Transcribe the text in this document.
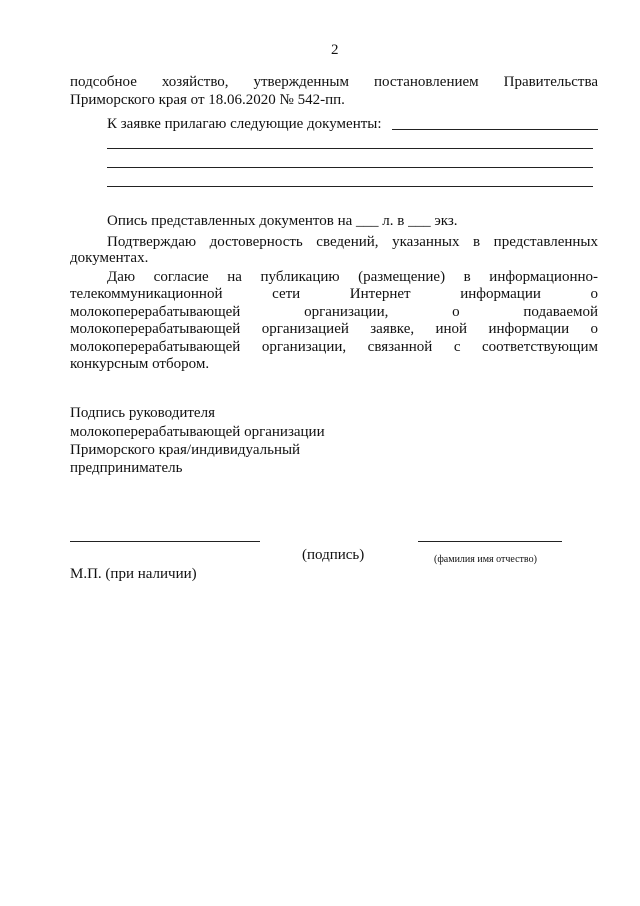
2
подсобное хозяйство, утвержденным постановлением Правительства
Приморского края от 18.06.2020 № 542-пп.
К заявке прилагаю следующие документы:
Опись представленных документов на ___ л. в ___ экз.
Подтверждаю достоверность сведений, указанных в представленных
документах.
Даю согласие на публикацию (размещение) в информационно-
телекоммуникационной сети Интернет информации о
молокоперерабатывающей организации, о подаваемой
молокоперерабатывающей организацией заявке, иной информации о
молокоперерабатывающей организации, связанной с соответствующим
конкурсным отбором.
Подпись руководителя
молокоперерабатывающей организации
Приморского края/индивидуальный
предприниматель
(подпись)	(фамилия имя отчество)
М.П. (при наличии)
